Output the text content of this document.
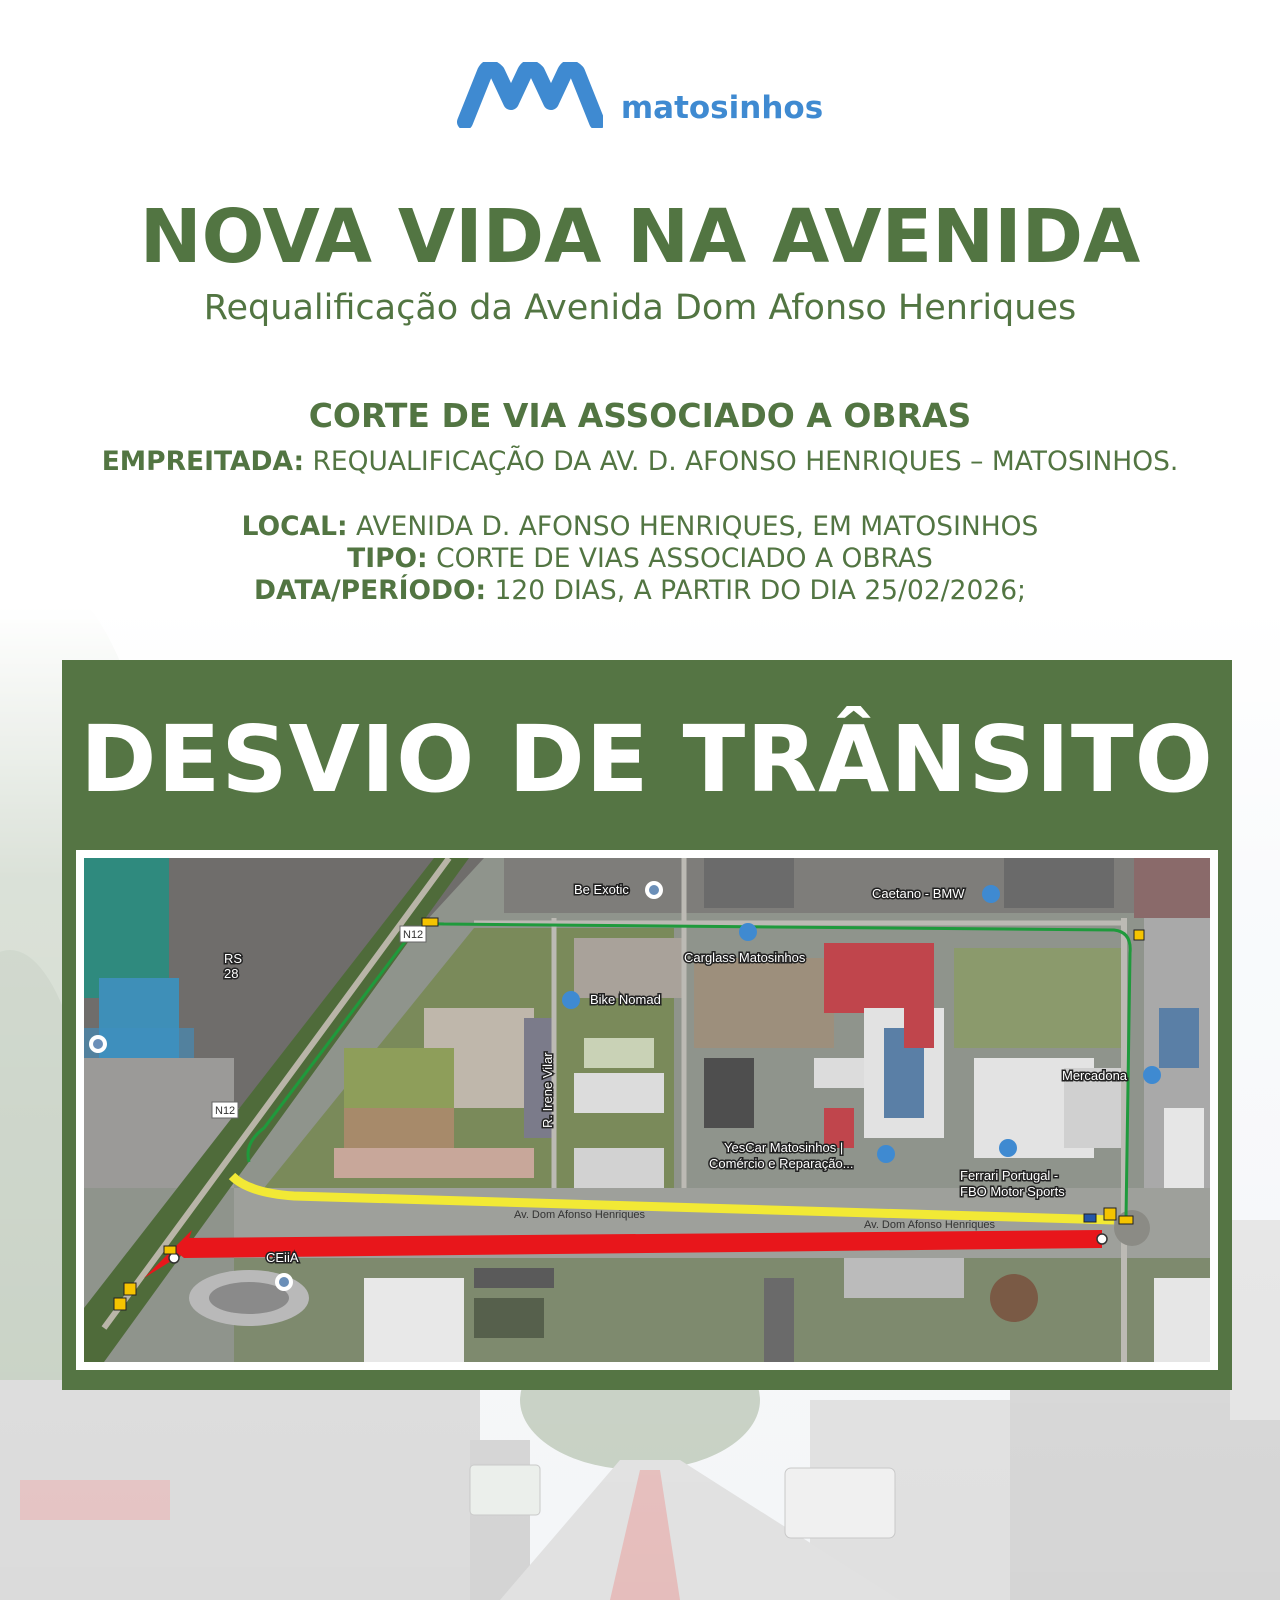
matosinhos
NOVA VIDA NA AVENIDA
Requalificação da Avenida Dom Afonso Henriques
CORTE DE VIA ASSOCIADO A OBRAS
EMPREITADA: REQUALIFICAÇÃO DA AV. D. AFONSO HENRIQUES – MATOSINHOS.
LOCAL: AVENIDA D. AFONSO HENRIQUES, EM MATOSINHOS
TIPO: CORTE DE VIAS ASSOCIADO A OBRAS
DATA/PERÍODO: 120 DIAS, A PARTIR DO DIA 25/02/2026;
DESVIO DE TRÂNSITO
Be Exotic	Caetano - BMW
Carglass Matosinhos
Bike Nomad
Mercadona
YesCar Matosinhos |
Comércio e Reparação...
Ferrari Portugal -
FBO Motor Sports
CEiiA
R. Irene Vilar
RS
28
N12
N12
Av. Dom Afonso Henriques
Av. Dom Afonso Henriques
